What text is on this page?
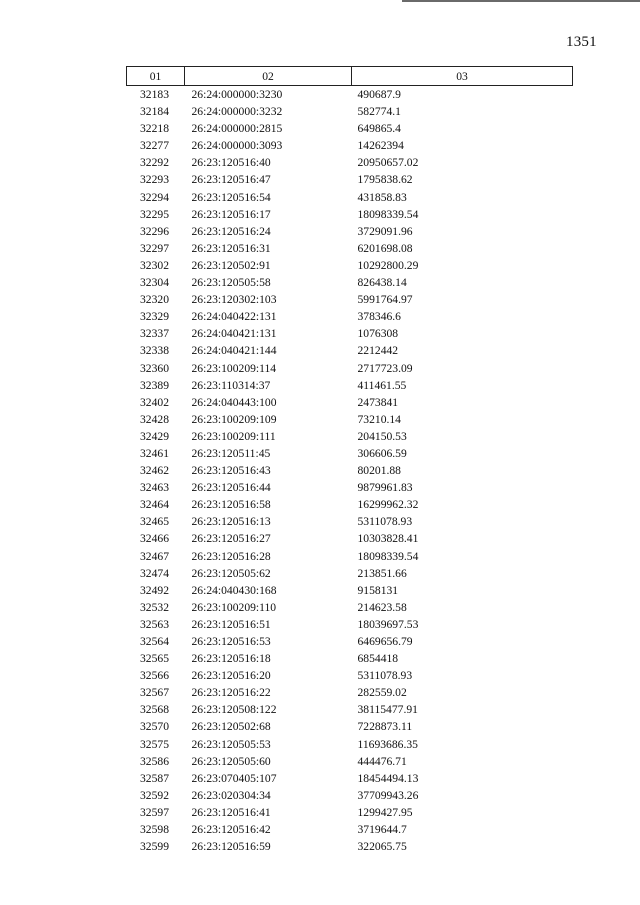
1351
01	02	03
32183	26:24:000000:3230	490687.9
32184	26:24:000000:3232	582774.1
32218	26:24:000000:2815	649865.4
32277	26:24:000000:3093	14262394
32292	26:23:120516:40	20950657.02
32293	26:23:120516:47	1795838.62
32294	26:23:120516:54	431858.83
32295	26:23:120516:17	18098339.54
32296	26:23:120516:24	3729091.96
32297	26:23:120516:31	6201698.08
32302	26:23:120502:91	10292800.29
32304	26:23:120505:58	826438.14
32320	26:23:120302:103	5991764.97
32329	26:24:040422:131	378346.6
32337	26:24:040421:131	1076308
32338	26:24:040421:144	2212442
32360	26:23:100209:114	2717723.09
32389	26:23:110314:37	411461.55
32402	26:24:040443:100	2473841
32428	26:23:100209:109	73210.14
32429	26:23:100209:111	204150.53
32461	26:23:120511:45	306606.59
32462	26:23:120516:43	80201.88
32463	26:23:120516:44	9879961.83
32464	26:23:120516:58	16299962.32
32465	26:23:120516:13	5311078.93
32466	26:23:120516:27	10303828.41
32467	26:23:120516:28	18098339.54
32474	26:23:120505:62	213851.66
32492	26:24:040430:168	9158131
32532	26:23:100209:110	214623.58
32563	26:23:120516:51	18039697.53
32564	26:23:120516:53	6469656.79
32565	26:23:120516:18	6854418
32566	26:23:120516:20	5311078.93
32567	26:23:120516:22	282559.02
32568	26:23:120508:122	38115477.91
32570	26:23:120502:68	7228873.11
32575	26:23:120505:53	11693686.35
32586	26:23:120505:60	444476.71
32587	26:23:070405:107	18454494.13
32592	26:23:020304:34	37709943.26
32597	26:23:120516:41	1299427.95
32598	26:23:120516:42	3719644.7
32599	26:23:120516:59	322065.75
